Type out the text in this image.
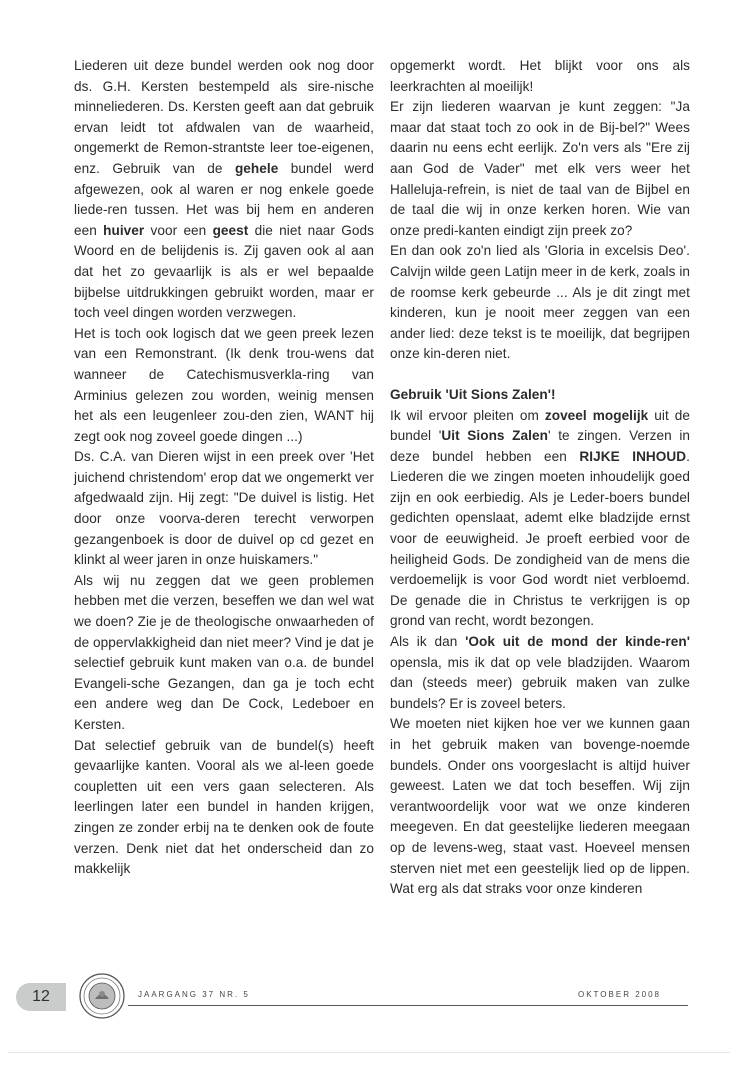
Liederen uit deze bundel werden ook nog door ds. G.H. Kersten bestempeld als sire-nische minneliederen. Ds. Kersten geeft aan dat gebruik ervan leidt tot afdwalen van de waarheid, ongemerkt de Remon-strantste leer toe-eigenen, enz. Gebruik van de gehele bundel werd afgewezen, ook al waren er nog enkele goede liede-ren tussen. Het was bij hem en anderen een huiver voor een geest die niet naar Gods Woord en de belijdenis is. Zij gaven ook al aan dat het zo gevaarlijk is als er wel bepaalde bijbelse uitdrukkingen gebruikt worden, maar er toch veel dingen worden verzwegen.

Het is toch ook logisch dat we geen preek lezen van een Remonstrant. (Ik denk trou-wens dat wanneer de Catechismusverkla-ring van Arminius gelezen zou worden, weinig mensen het als een leugenleer zou-den zien, WANT hij zegt ook nog zoveel goede dingen ...)

Ds. C.A. van Dieren wijst in een preek over 'Het juichend christendom' erop dat we ongemerkt ver afgedwaald zijn. Hij zegt: "De duivel is listig. Het door onze voorva-deren terecht verworpen gezangenboek is door de duivel op cd gezet en klinkt al weer jaren in onze huiskamers."

Als wij nu zeggen dat we geen problemen hebben met die verzen, beseffen we dan wel wat we doen? Zie je de theologische onwaarheden of de oppervlakkigheid dan niet meer? Vind je dat je selectief gebruik kunt maken van o.a. de bundel Evangeli-sche Gezangen, dan ga je toch echt een andere weg dan De Cock, Ledeboer en Kersten.

Dat selectief gebruik van de bundel(s) heeft gevaarlijke kanten. Vooral als we al-leen goede coupletten uit een vers gaan selecteren. Als leerlingen later een bundel in handen krijgen, zingen ze zonder erbij na te denken ook de foute verzen. Denk niet dat het onderscheid dan zo makkelijk

opgemerkt wordt. Het blijkt voor ons als leerkrachten al moeilijk!

Er zijn liederen waarvan je kunt zeggen: "Ja maar dat staat toch zo ook in de Bij-bel?" Wees daarin nu eens echt eerlijk. Zo'n vers als "Ere zij aan God de Vader" met elk vers weer het Halleluja-refrein, is niet de taal van de Bijbel en de taal die wij in onze kerken horen. Wie van onze predi-kanten eindigt zijn preek zo?

En dan ook zo'n lied als 'Gloria in excelsis Deo'. Calvijn wilde geen Latijn meer in de kerk, zoals in de roomse kerk gebeurde ... Als je dit zingt met kinderen, kun je nooit meer zeggen van een ander lied: deze tekst is te moeilijk, dat begrijpen onze kin-deren niet.

Gebruik 'Uit Sions Zalen'!

Ik wil ervoor pleiten om zoveel mogelijk uit de bundel 'Uit Sions Zalen' te zingen. Verzen in deze bundel hebben een RIJKE INHOUD. Liederen die we zingen moeten inhoudelijk goed zijn en ook eerbiedig. Als je Leder-boers bundel gedichten openslaat, ademt elke bladzijde ernst voor de eeuwigheid. Je proeft eerbied voor de heiligheid Gods. De zondigheid van de mens die verdoemelijk is voor God wordt niet verbloemd. De genade die in Christus te verkrijgen is op grond van recht, wordt bezongen.

Als ik dan 'Ook uit de mond der kinde-ren' opensla, mis ik dat op vele bladzijden. Waarom dan (steeds meer) gebruik maken van zulke bundels? Er is zoveel beters.

We moeten niet kijken hoe ver we kunnen gaan in het gebruik maken van bovenge-noemde bundels. Onder ons voorgeslacht is altijd huiver geweest. Laten we dat toch beseffen. Wij zijn verantwoordelijk voor wat we onze kinderen meegeven. En dat geestelijke liederen meegaan op de levens-weg, staat vast. Hoeveel mensen sterven niet met een geestelijk lied op de lippen. Wat erg als dat straks voor onze kinderen

12	JAARGANG 37 NR. 5	OKTOBER 2008
